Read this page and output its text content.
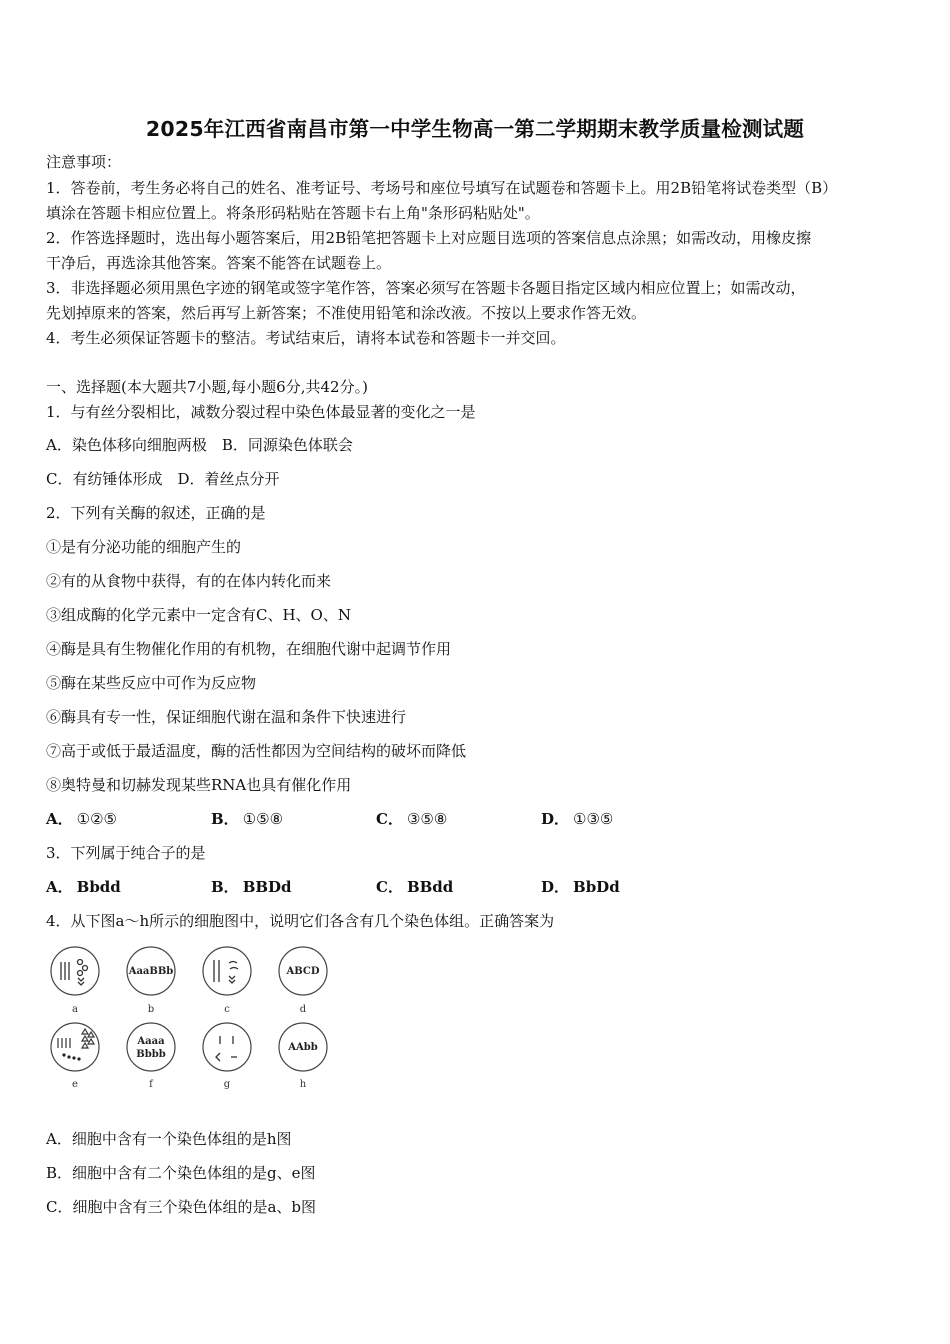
2025年江西省南昌市第一中学生物高一第二学期期末教学质量检测试题
注意事项：
1．答卷前，考生务必将自己的姓名、准考证号、考场号和座位号填写在试题卷和答题卡上。用2B铅笔将试卷类型（B）
填涂在答题卡相应位置上。将条形码粘贴在答题卡右上角"条形码粘贴处"。
2．作答选择题时，选出每小题答案后，用2B铅笔把答题卡上对应题目选项的答案信息点涂黑；如需改动，用橡皮擦
干净后，再选涂其他答案。答案不能答在试题卷上。
3．非选择题必须用黑色字迹的钢笔或签字笔作答，答案必须写在答题卡各题目指定区域内相应位置上；如需改动，
先划掉原来的答案，然后再写上新答案；不准使用铅笔和涂改液。不按以上要求作答无效。
4．考生必须保证答题卡的整洁。考试结束后，请将本试卷和答题卡一并交回。
一、选择题(本大题共7小题,每小题6分,共42分。)
1．与有丝分裂相比，减数分裂过程中染色体最显著的变化之一是
A．染色体移向细胞两极　B．同源染色体联会
C．有纺锤体形成　D．着丝点分开
2．下列有关酶的叙述，正确的是
①是有分泌功能的细胞产生的
②有的从食物中获得，有的在体内转化而来
③组成酶的化学元素中一定含有C、H、O、N
④酶是具有生物催化作用的有机物，在细胞代谢中起调节作用
⑤酶在某些反应中可作为反应物
⑥酶具有专一性，保证细胞代谢在温和条件下快速进行
⑦高于或低于最适温度，酶的活性都因为空间结构的破坏而降低
⑧奥特曼和切赫发现某些RNA也具有催化作用
A． ①②⑤	B． ①⑤⑧	C． ③⑤⑧	D． ①③⑤
3．下列属于纯合子的是
A． Bbdd	B． BBDd	C． BBdd	D． BbDd
4．从下图a～h所示的细胞图中，说明它们各含有几个染色体组。正确答案为
AaaBBb	ABCD
Aaaa
Bbbb
AAbb
a	b	c	d
e	f	g	h
A．细胞中含有一个染色体组的是h图
B．细胞中含有二个染色体组的是g、e图
C．细胞中含有三个染色体组的是a、b图
